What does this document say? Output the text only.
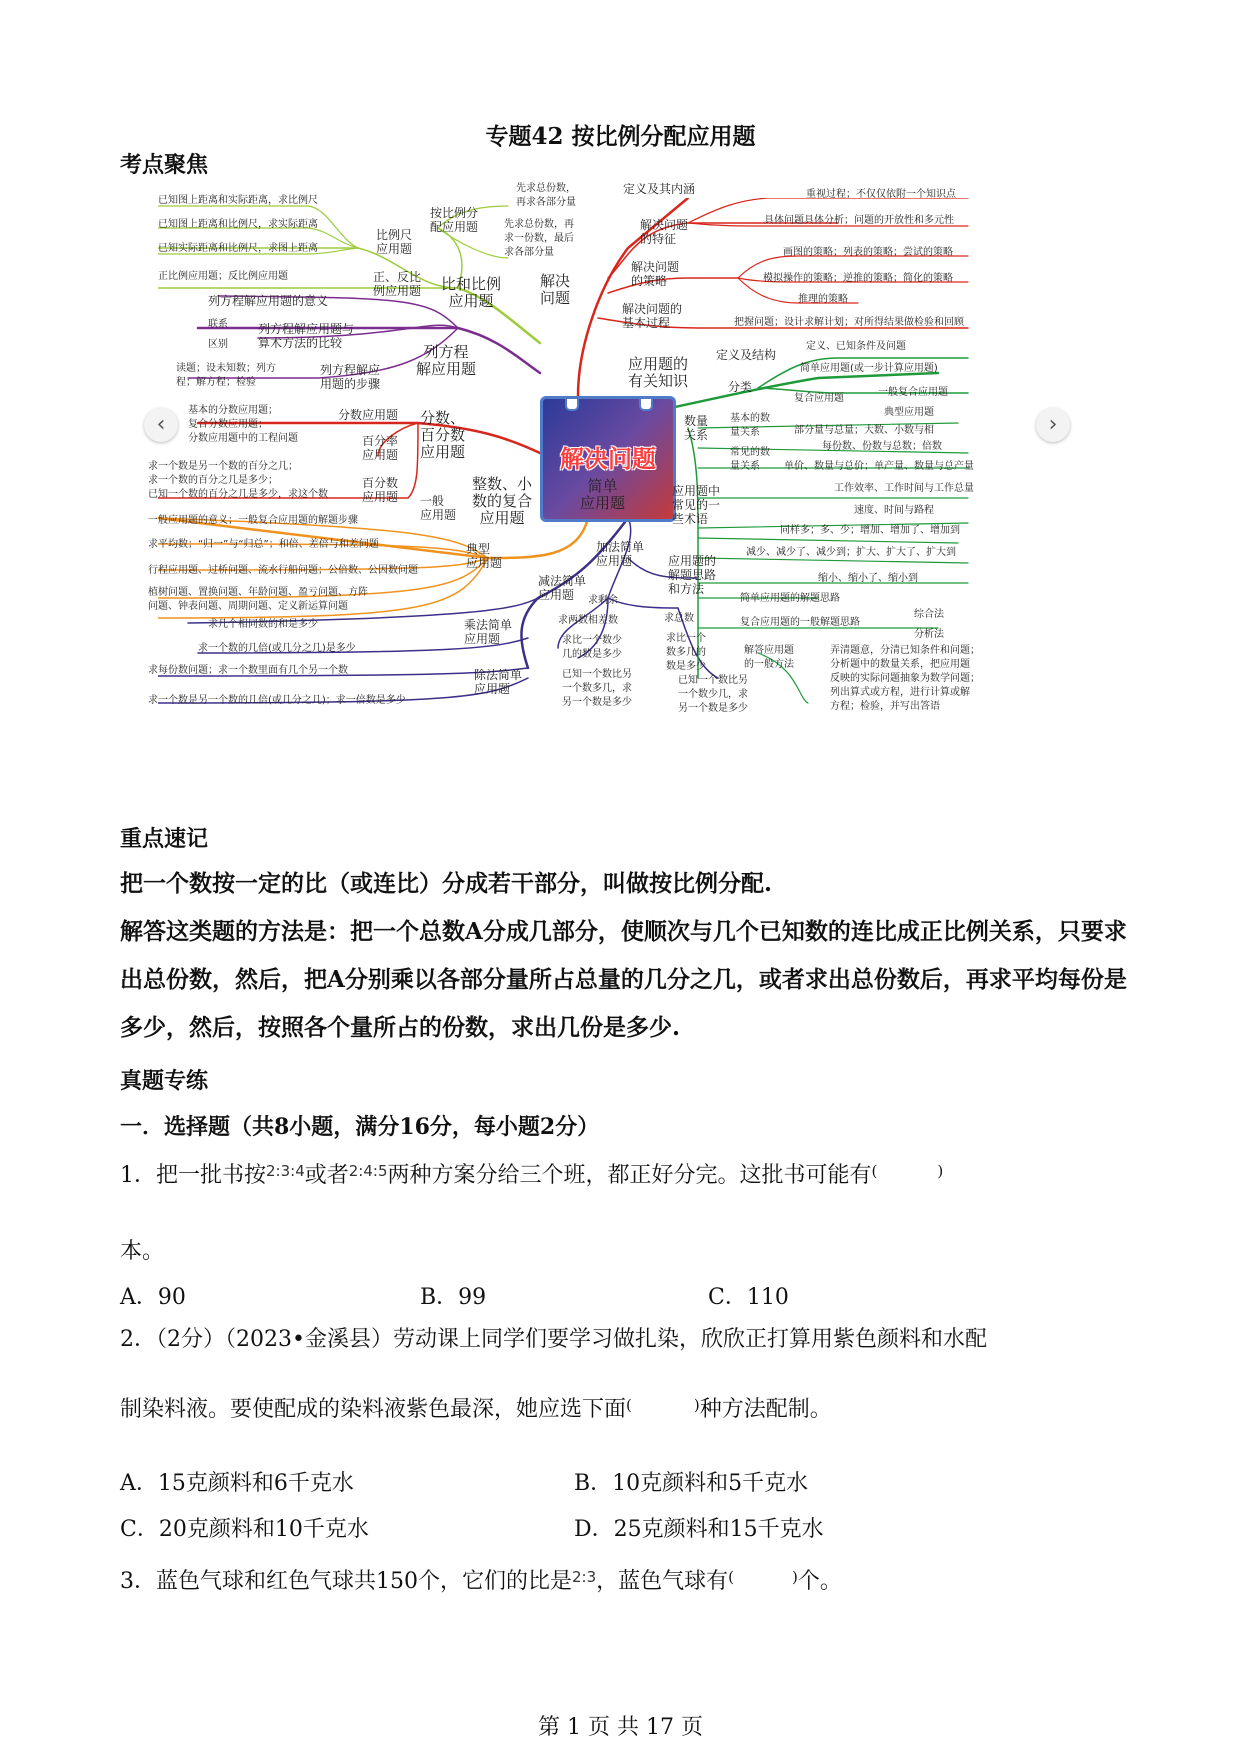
专题42 按比例分配应用题
考点聚焦
解决问题
比和比例
应用题
比例尺
应用题
已知图上距离和实际距离，求比例尺
已知图上距离和比例尺，求实际距离
已知实际距离和比例尺，求图上距离
正、反比
例应用题
正比例应用题；反比例应用题
按比例分
配应用题
先求总份数，
再求各部分量
先求总份数，再
求一份数，最后
求各部分量
解决
问题
定义及其内涵
解决问题
的特征
重视过程；不仅仅依附一个知识点
具体问题具体分析；问题的开放性和多元性
解决问题
的策略
画图的策略；列表的策略；尝试的策略
模拟操作的策略；逆推的策略；简化的策略
推理的策略
解决问题的
基本过程	把握问题；设计求解计划；对所得结果做检验和回顾
列方程
解应用题
列方程解应用题的意义
列方程解应用题与
算术方法的比较
联系
区别
列方程解应
用题的步骤
读题；设未知数；列方
程；解方程；检验
分数、
百分数
应用题
分数应用题
基本的分数应用题；
复合分数应用题；
分数应用题中的工程问题	百分率
应用题
百分数
应用题
求一个数是另一个数的百分之几；
求一个数的百分之几是多少；
已知一个数的百分之几是多少，求这个数
整数、小
数的复合
应用题
一般
应用题
一般应用题的意义；一般复合应用题的解题步骤
典型
应用题
求平均数；“归一”与“归总”；和倍、差倍与和差问题
行程应用题、过桥问题、流水行船问题；公倍数、公因数问题
植树问题、置换问题、年龄问题、盈亏问题、方阵
问题、钟表问题、周期问题、定义新运算问题
简单
应用题
加法简单
应用题
求总数
求比一个
数多几的
数是多少
已知一个数比另
一个数少几，求
另一个数是多少
减法简单
应用题	求剩余
求两数相差数
求比一个数少
几的数是多少
已知一个数比另
一个数多几，求
另一个数是多少
乘法简单
应用题
求几个相同数的和是多少
求一个数的几倍(或几分之几)是多少
除法简单
应用题
求每份数问题；求一个数里面有几个另一个数
求一个数是另一个数的几倍(或几分之几)；求一倍数是多少
应用题的
有关知识
定义及结构
定义、已知条件及问题
分类
简单应用题(或一步计算应用题)
复合应用题
一般复合应用题
典型应用题
数量
关系
基本的数
量关系	部分量与总量；大数、小数与相
常见的数
量关系
每份数、份数与总数；倍数
单价、数量与总价；单产量、数量与总产量
工作效率、工作时间与工作总量
速度、时间与路程
应用题中
常见的一
些术语
同样多；多、少；增加、增加了、增加到
减少、减少了、减少到；扩大、扩大了、扩大到
缩小、缩小了、缩小到
应用题的
解题思路
和方法
简单应用题的解题思路
复合应用题的一般解题思路
综合法
分析法
解答应用题
的一般方法
弄清题意，分清已知条件和问题；
分析题中的数量关系，把应用题
反映的实际问题抽象为数学问题；
列出算式或方程，进行计算或解
方程；检验，并写出答语
‹	›
重点速记
把一个数按一定的比（或连比）分成若干部分，叫做按比例分配.
解答这类题的方法是：把一个总数A分成几部分，使顺次与几个已知数的连比成正比例关系，只要求出总份数，然后，把A分别乘以各部分量所占总量的几分之几，或者求出总份数后，再求平均每份是多少，然后，按照各个量所占的份数，求出几份是多少.
真题专练
一．选择题（共8小题，满分16分，每小题2分）
1．把一批书按$^{2:3:4}$或者$^{2:4:5}$两种方案分给三个班，都正好分完。这批书可能有(	)
本。
A．90	B．99	C．110
2．（2分）（2023•金溪县）劳动课上同学们要学习做扎染，欣欣正打算用紫色颜料和水配
制染料液。要使配成的染料液紫色最深，她应选下面(	)种方法配制。
A．15克颜料和6千克水	B．10克颜料和5千克水
C．20克颜料和10千克水	D．25克颜料和15千克水
3．蓝色气球和红色气球共150个，它们的比是$^{2:3}$，蓝色气球有(	)个。
第 1 页 共 17 页
